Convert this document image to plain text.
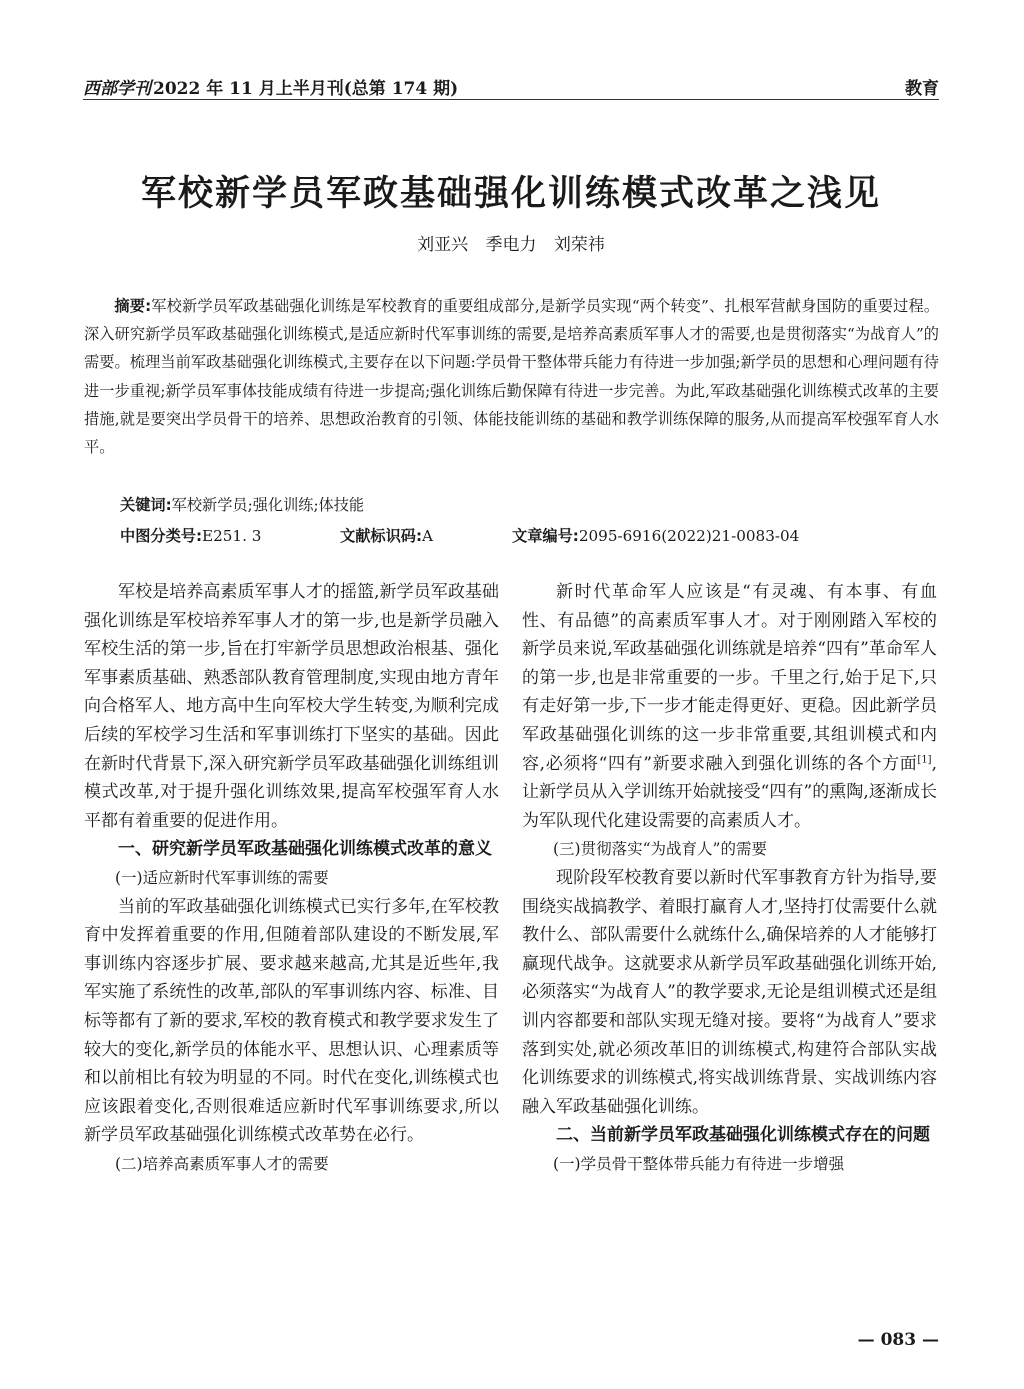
西部学刊 2022 年 11 月上半月刊(总第 174 期)	教育
军校新学员军政基础强化训练模式改革之浅见
刘亚兴 季电力 刘荣祎
摘要:军校新学员军政基础强化训练是军校教育的重要组成部分,是新学员实现“两个转变”、扎根军营献身国防的重要过程。深入研究新学员军政基础强化训练模式,是适应新时代军事训练的需要,是培养高素质军事人才的需要,也是贯彻落实“为战育人”的需要。梳理当前军政基础强化训练模式,主要存在以下问题:学员骨干整体带兵能力有待进一步加强;新学员的思想和心理问题有待进一步重视;新学员军事体技能成绩有待进一步提高;强化训练后勤保障有待进一步完善。为此,军政基础强化训练模式改革的主要措施,就是要突出学员骨干的培养、思想政治教育的引领、体能技能训练的基础和教学训练保障的服务,从而提高军校强军育人水平。
关键词:军校新学员;强化训练;体技能
中图分类号:E251. 3	文献标识码:A	文章编号:2095-6916(2022)21-0083-04

军校是培养高素质军事人才的摇篮,新学员军政基础强化训练是军校培养军事人才的第一步,也是新学员融入军校生活的第一步,旨在打牢新学员思想政治根基、强化军事素质基础、熟悉部队教育管理制度,实现由地方青年向合格军人、地方高中生向军校大学生转变,为顺利完成后续的军校学习生活和军事训练打下坚实的基础。因此在新时代背景下,深入研究新学员军政基础强化训练组训模式改革,对于提升强化训练效果,提高军校强军育人水平都有着重要的促进作用。

一、研究新学员军政基础强化训练模式改革的意义
(一)适应新时代军事训练的需要

当前的军政基础强化训练模式已实行多年,在军校教育中发挥着重要的作用,但随着部队建设的不断发展,军事训练内容逐步扩展、要求越来越高,尤其是近些年,我军实施了系统性的改革,部队的军事训练内容、标准、目标等都有了新的要求,军校的教育模式和教学要求发生了较大的变化,新学员的体能水平、思想认识、心理素质等和以前相比有较为明显的不同。时代在变化,训练模式也应该跟着变化,否则很难适应新时代军事训练要求,所以新学员军政基础强化训练模式改革势在必行。

(二)培养高素质军事人才的需要

新时代革命军人应该是“有灵魂、有本事、有血性、有品德”的高素质军事人才。对于刚刚踏入军校的新学员来说,军政基础强化训练就是培养“四有”革命军人的第一步,也是非常重要的一步。千里之行,始于足下,只有走好第一步,下一步才能走得更好、更稳。因此新学员军政基础强化训练的这一步非常重要,其组训模式和内容,必须将“四有”新要求融入到强化训练的各个方面[1],让新学员从入学训练开始就接受“四有”的熏陶,逐渐成长为军队现代化建设需要的高素质人才。

(三)贯彻落实“为战育人”的需要

现阶段军校教育要以新时代军事教育方针为指导,要围绕实战搞教学、着眼打赢育人才,坚持打仗需要什么就教什么、部队需要什么就练什么,确保培养的人才能够打赢现代战争。这就要求从新学员军政基础强化训练开始,必须落实“为战育人”的教学要求,无论是组训模式还是组训内容都要和部队实现无缝对接。要将“为战育人”要求落到实处,就必须改革旧的训练模式,构建符合部队实战化训练要求的训练模式,将实战训练背景、实战训练内容融入军政基础强化训练。

二、当前新学员军政基础强化训练模式存在的问题
(一)学员骨干整体带兵能力有待进一步增强
— 083 —
